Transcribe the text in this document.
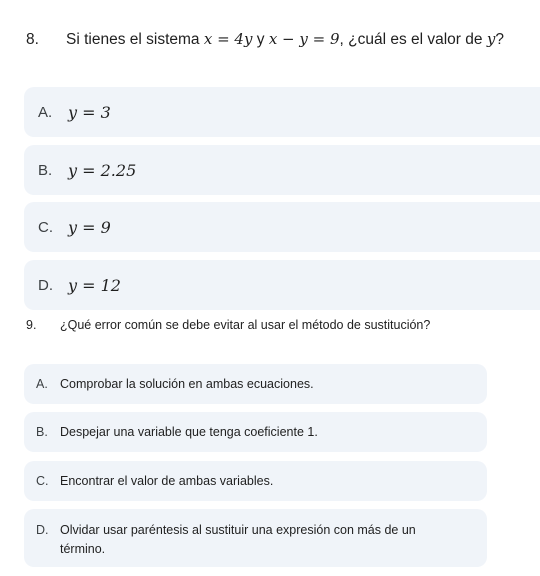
8.	Si tienes el sistema x = 4y y x − y = 9, ¿cuál es el valor de y?
A. y = 3
B. y = 2.25
C. y = 9
D. y = 12
9.	¿Qué error común se debe evitar al usar el método de sustitución?
A. Comprobar la solución en ambas ecuaciones.
B. Despejar una variable que tenga coeficiente 1.
C. Encontrar el valor de ambas variables.
D. Olvidar usar paréntesis al sustituir una expresión con más de un término.
